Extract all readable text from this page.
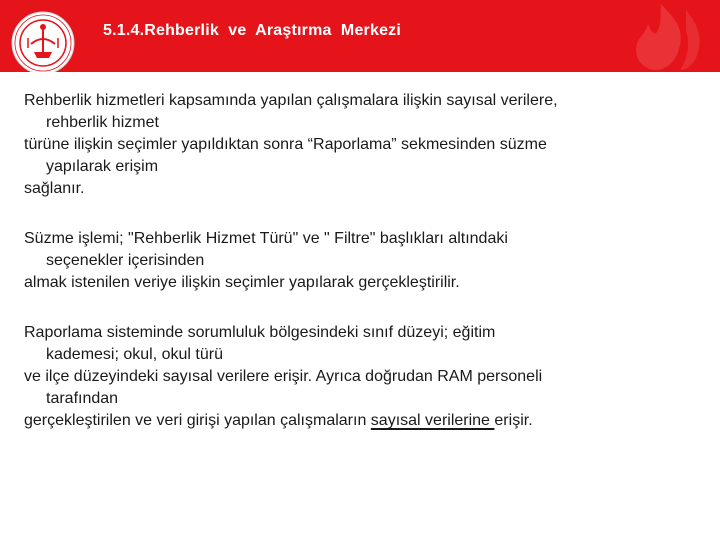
5.1.4.Rehberlik  ve  Araştırma  Merkezi

Rehberlik hizmetleri kapsamında yapılan çalışmalara ilişkin sayısal verilere,
rehberlik hizmet
türüne ilişkin seçimler yapıldıktan sonra “Raporlama” sekmesinden süzme
yapılarak erişim
sağlanır.

Süzme işlemi; "Rehberlik Hizmet Türü" ve " Filtre" başlıkları altındaki
seçenekler içerisinden
almak istenilen veriye ilişkin seçimler yapılarak gerçekleştirilir.

Raporlama sisteminde sorumluluk bölgesindeki sınıf düzeyi; eğitim
kademesi; okul, okul türü
ve ilçe düzeyindeki sayısal verilere erişir. Ayrıca doğrudan RAM personeli
tarafından
gerçekleştirilen ve veri girişi yapılan çalışmaların sayısal verilerine erişir.
